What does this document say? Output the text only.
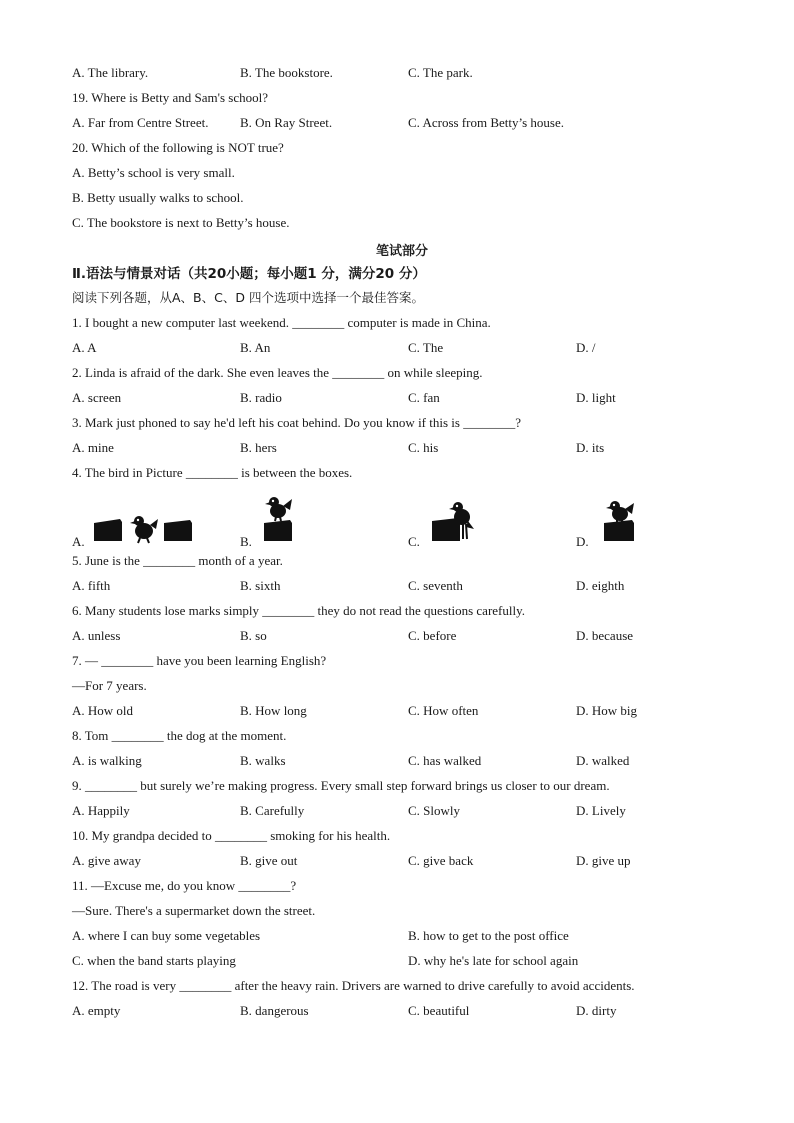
A. The library.	B. The bookstore.	C. The park.
19. Where is Betty and Sam's school?
A. Far from Centre Street. B. On Ray Street.	C. Across from Betty’s house.
20. Which of the following is NOT true?
A. Betty’s school is very small.
B. Betty usually walks to school.
C. The bookstore is next to Betty’s house.
笔试部分
Ⅱ.语法与情景对话（共20小题；每小题1 分，满分20 分）
阅读下列各题，从A、B、C、D 四个选项中选择一个最佳答案。
1. I bought a new computer last weekend. ________ computer is made in China.
A. A	B. An	C. The	D. /
2. Linda is afraid of the dark. She even leaves the ________ on while sleeping.
A. screen	B. radio	C. fan	D. light
3. Mark just phoned to say he'd left his coat behind. Do you know if this is ________?
A. mine	B. hers	C. his	D. its
4. The bird in Picture ________ is between the boxes.
A.	B.	C.	D.
5. June is the ________ month of a year.
A. fifth	B. sixth	C. seventh	D. eighth
6. Many students lose marks simply ________ they do not read the questions carefully.
A. unless	B. so	C. before	D. because
7. — ________ have you been learning English?
—For 7 years.
A. How old	B. How long	C. How often	D. How big
8. Tom ________ the dog at the moment.
A. is walking	B. walks	C. has walked	D. walked
9. ________ but surely we’re making progress. Every small step forward brings us closer to our dream.
A. Happily	B. Carefully	C. Slowly	D. Lively
10. My grandpa decided to ________ smoking for his health.
A. give away	B. give out	C. give back	D. give up
11. —Excuse me, do you know ________?
—Sure. There's a supermarket down the street.
A. where I can buy some vegetables	B. how to get to the post office
C. when the band starts playing	D. why he's late for school again
12. The road is very ________ after the heavy rain. Drivers are warned to drive carefully to avoid accidents.
A. empty	B. dangerous	C. beautiful	D. dirty
